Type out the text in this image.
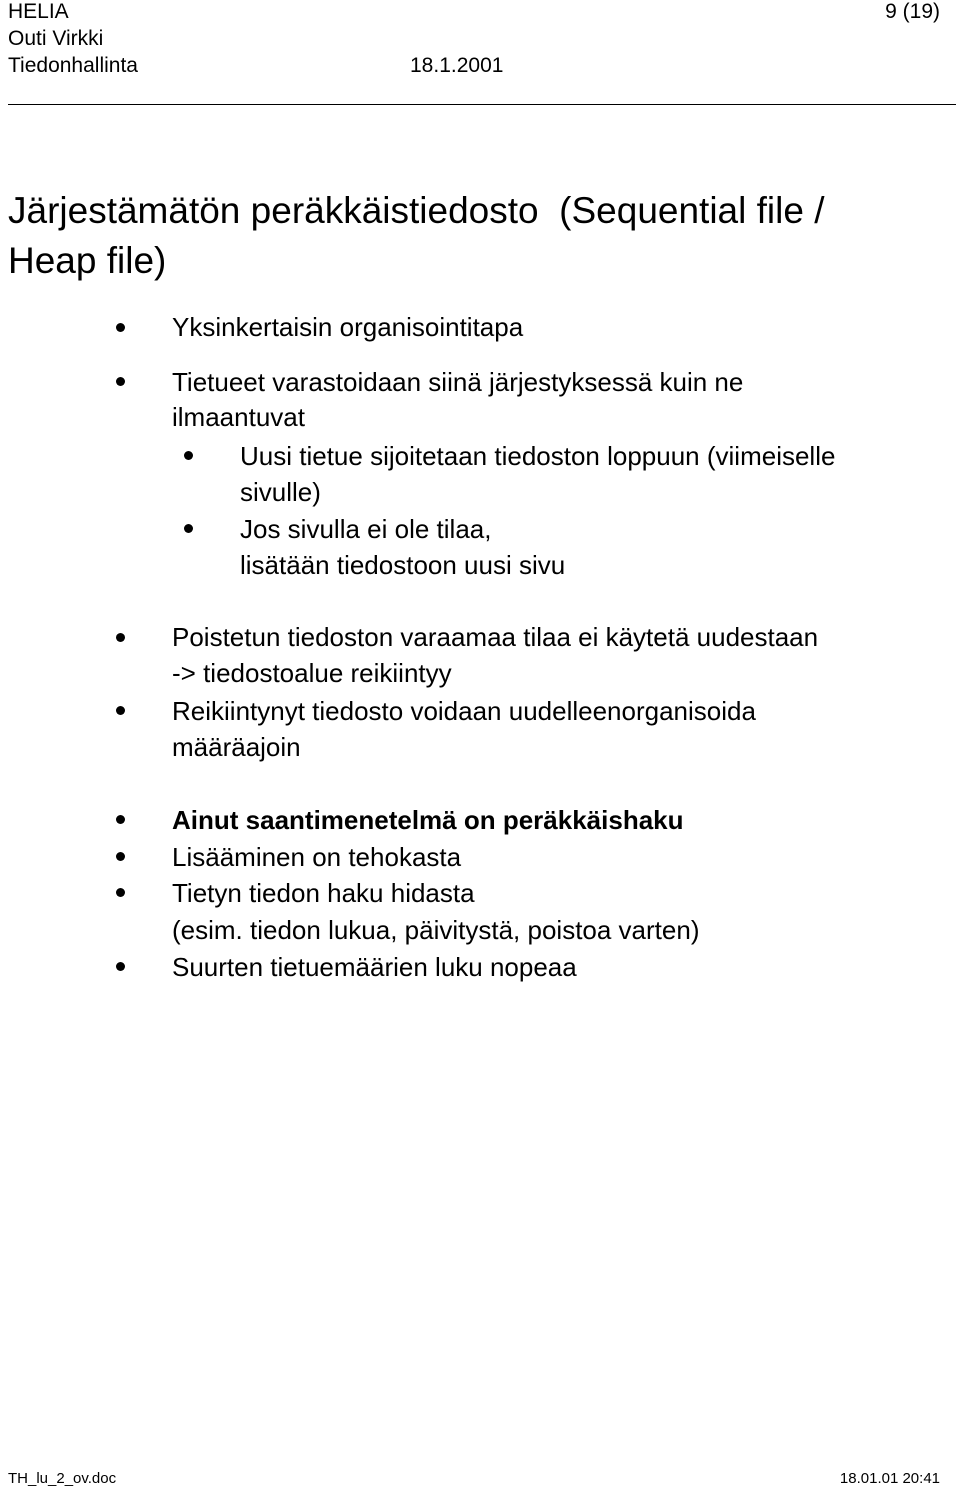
HELIA	9 (19)
Outi Virkki
Tiedonhallinta	18.1.2001
Järjestämätön peräkkäistiedosto  (Sequential file /
Heap file)
Yksinkertaisin organisointitapa
Tietueet varastoidaan siinä järjestyksessä kuin ne
ilmaantuvat
Uusi tietue sijoitetaan tiedoston loppuun (viimeiselle
sivulle)
Jos sivulla ei ole tilaa,
lisätään tiedostoon uusi sivu
Poistetun tiedoston varaamaa tilaa ei käytetä uudestaan
-> tiedostoalue reikiintyy
Reikiintynyt tiedosto voidaan uudelleenorganisoida
määräajoin
Ainut saantimenetelmä on peräkkäishaku
Lisääminen on tehokasta
Tietyn tiedon haku hidasta
(esim. tiedon lukua, päivitystä, poistoa varten)
Suurten tietuemäärien luku nopeaa
TH_lu_2_ov.doc	18.01.01 20:41
